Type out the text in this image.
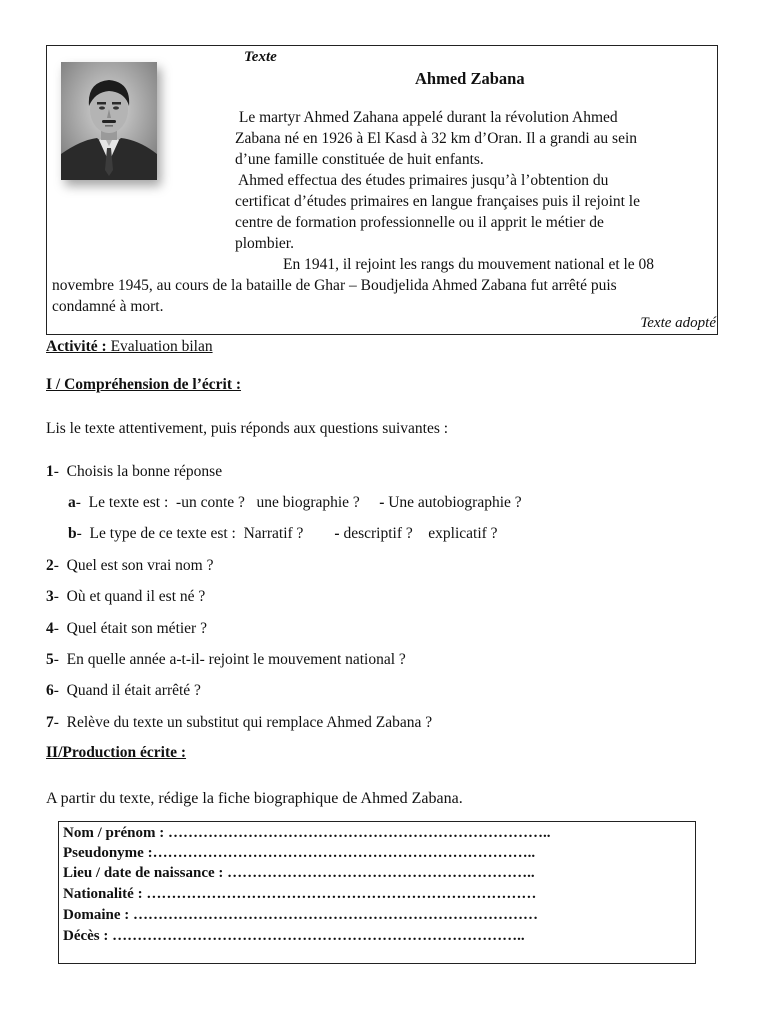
Texte
Ahmed Zabana
Le martyr Ahmed Zahana appelé durant la révolution Ahmed
Zabana né en 1926 à El Kasd à 32 km d’Oran. Il a grandi au sein
d’une famille constituée de huit enfants.
Ahmed effectua des études primaires jusqu’à l’obtention du
certificat d’études primaires en langue françaises puis il rejoint le
centre de formation professionnelle ou il apprit le métier de
plombier.
En 1941, il rejoint les rangs du mouvement national et le 08
novembre 1945, au cours de la bataille de Ghar – Boudjelida Ahmed Zabana fut arrêté puis
condamné à mort.
Texte adopté
Activité : Evaluation bilan
I / Compréhension de l’écrit :
Lis le texte attentivement, puis réponds aux questions suivantes :
1-  Choisis la bonne réponse
a-  Le texte est :  -un conte ?   une biographie ?     - Une autobiographie ?
b-  Le type de ce texte est :  Narratif ?        - descriptif ?    explicatif ?
2-  Quel est son vrai nom ?
3-  Où et quand il est né ?
4-  Quel était son métier ?
5-  En quelle année a-t-il- rejoint le mouvement national ?
6-  Quand il était arrêté ?
7-  Relève du texte un substitut qui remplace Ahmed Zabana ?
II/Production écrite :
A partir du texte, rédige la fiche biographique de Ahmed Zabana.
Nom / prénom : …………………………………………………………………..
Pseudonyme :…………………………………………………………………..
Lieu / date de naissance : ……………………………………………………..
Nationalité : ……………………………………………………………………
Domaine : ………………………………………………………………………
Décès : ………………………………………………………………………..
